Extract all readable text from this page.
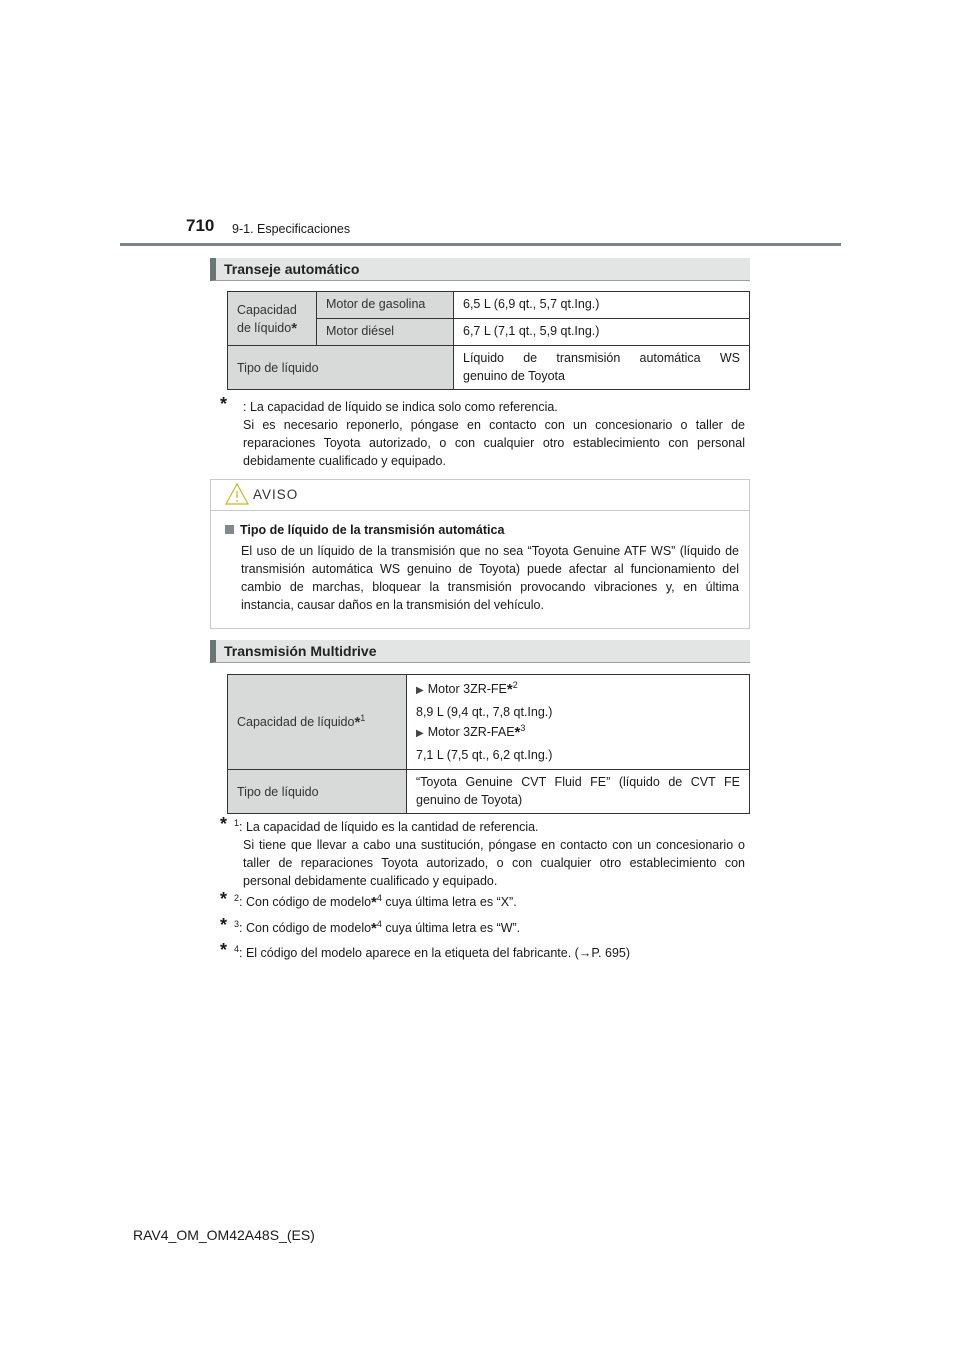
710 9-1. Especificaciones
Transeje automático
Capacidad
de líquido*	Motor de gasolina	6,5 L (6,9 qt., 5,7 qt.Ing.)
	Motor diésel	6,7 L (7,1 qt., 5,9 qt.Ing.)
Tipo de líquido		Líquido de transmisión automática WS
genuino de Toyota
* : La capacidad de líquido se indica solo como referencia.
Si es necesario reponerlo, póngase en contacto con un concesionario o taller de reparaciones Toyota autorizado, o con cualquier otro establecimiento con personal debidamente cualificado y equipado.
AVISO
Tipo de líquido de la transmisión automática
El uso de un líquido de la transmisión que no sea “Toyota Genuine ATF WS” (líquido de transmisión automática WS genuino de Toyota) puede afectar al funcionamiento del cambio de marchas, bloquear la transmisión provocando vibraciones y, en última instancia, causar daños en la transmisión del vehículo.
Transmisión Multidrive
Capacidad de líquido*$^1$	▶ Motor 3ZR-FE*$^2$
8,9 L (9,4 qt., 7,8 qt.Ing.)
▶ Motor 3ZR-FAE*$^3$
7,1 L (7,5 qt., 6,2 qt.Ing.)

Tipo de líquido	“Toyota Genuine CVT Fluid FE” (líquido de CVT FE
genuino de Toyota)
* $^1$: La capacidad de líquido es la cantidad de referencia.
Si tiene que llevar a cabo una sustitución, póngase en contacto con un concesionario o taller de reparaciones Toyota autorizado, o con cualquier otro establecimiento con personal debidamente cualificado y equipado.
* $^2$: Con código de modelo*$^4$ cuya última letra es “X”.
* $^3$: Con código de modelo*$^4$ cuya última letra es “W”.
* $^4$: El código del modelo aparece en la etiqueta del fabricante. (→P. 695)
RAV4_OM_OM42A48S_(ES)
